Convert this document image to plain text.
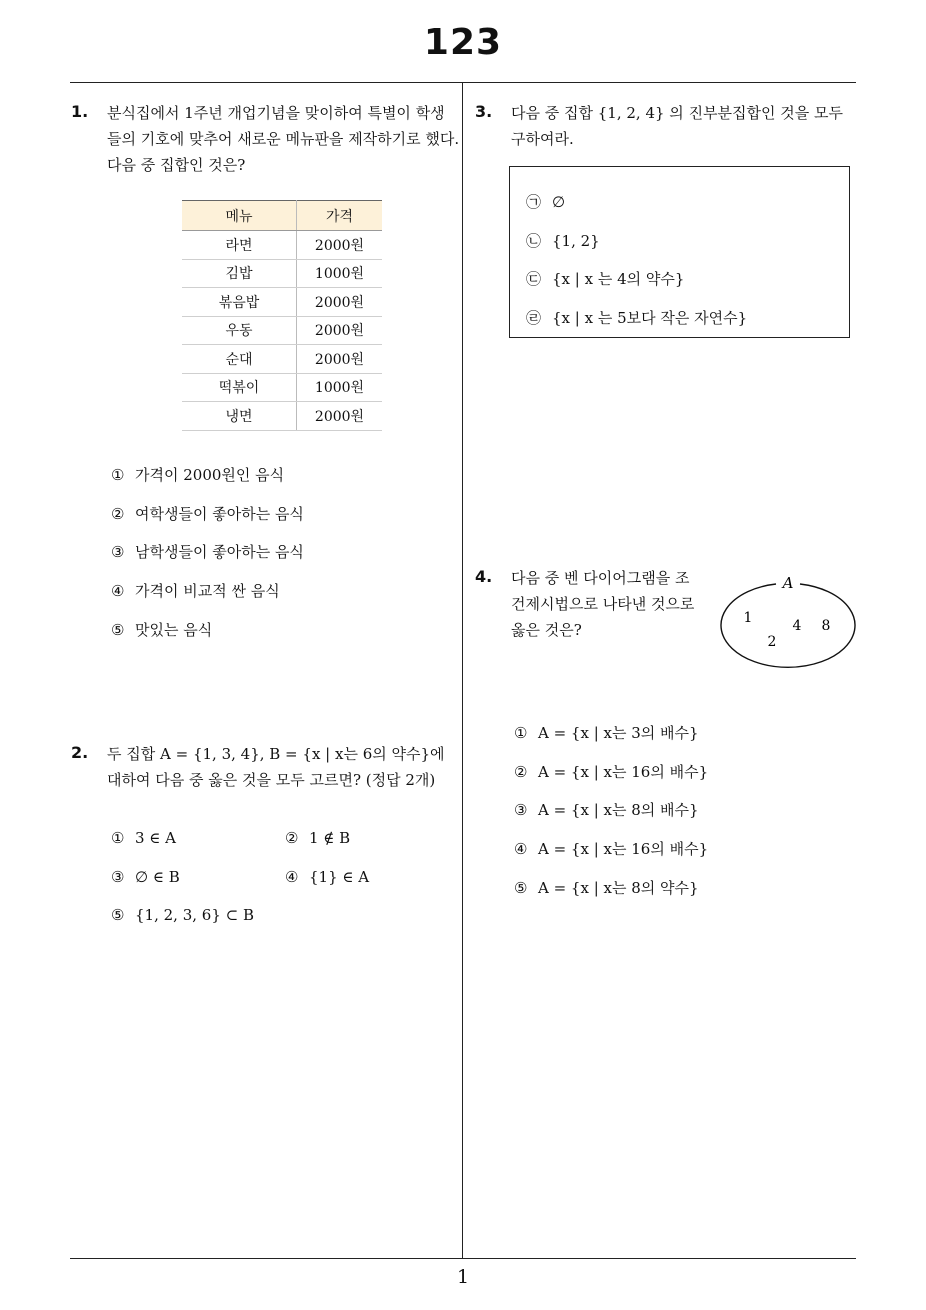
123
1
1. 분식집에서 1주년 개업기념을 맞이하여 특별이 학생
들의 기호에 맞추어 새로운 메뉴판을 제작하기로 했다.
다음 중 집합인 것은?
메뉴	가격
라면	2000원
김밥	1000원
볶음밥	2000원
우동	2000원
순대	2000원
떡볶이	1000원
냉면	2000원
① 가격이 2000원인 음식
② 여학생들이 좋아하는 음식
③ 남학생들이 좋아하는 음식
④ 가격이 비교적 싼 음식
⑤ 맛있는 음식
2. 두 집합 A = {1, 3, 4}, B = {x | x는 6의 약수}에
대하여 다음 중 옳은 것을 모두 고르면? (정답 2개)
① 3 ∈ A	② 1 ∉ B
③ ∅ ∈ B	④ {1} ∈ A
⑤ {1, 2, 3, 6} ⊂ B
3. 다음 중 집합 {1, 2, 4} 의 진부분집합인 것을 모두
구하여라.
㉠ ∅
㉡ {1, 2}
㉢ {x | x 는 4의 약수}
㉣ {x | x 는 5보다 작은 자연수}
4. 다음 중 벤 다이어그램을 조
건제시법으로 나타낸 것으로
옳은 것은?
A
1
2
4 8
① A = {x | x는 3의 배수}
② A = {x | x는 16의 배수}
③ A = {x | x는 8의 배수}
④ A = {x | x는 16의 배수}
⑤ A = {x | x는 8의 약수}
